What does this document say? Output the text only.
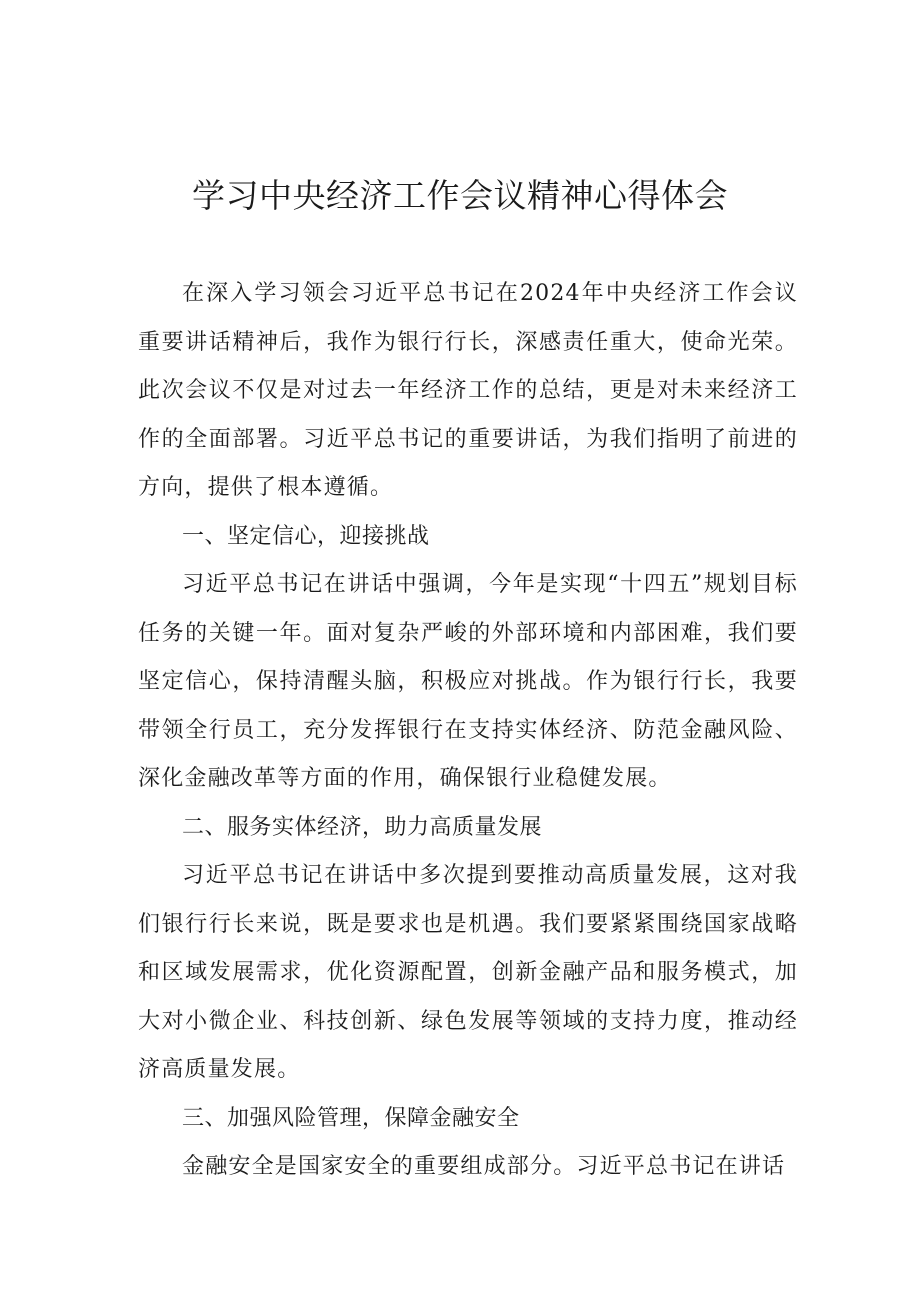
学习中央经济工作会议精神心得体会

在深入学习领会习近平总书记在2024年中央经济工作会议重要讲话精神后，我作为银行行长，深感责任重大，使命光荣。此次会议不仅是对过去一年经济工作的总结，更是对未来经济工作的全面部署。习近平总书记的重要讲话，为我们指明了前进的方向，提供了根本遵循。

一、坚定信心，迎接挑战

习近平总书记在讲话中强调，今年是实现“十四五”规划目标任务的关键一年。面对复杂严峻的外部环境和内部困难，我们要坚定信心，保持清醒头脑，积极应对挑战。作为银行行长，我要带领全行员工，充分发挥银行在支持实体经济、防范金融风险、深化金融改革等方面的作用，确保银行业稳健发展。

二、服务实体经济，助力高质量发展

习近平总书记在讲话中多次提到要推动高质量发展，这对我们银行行长来说，既是要求也是机遇。我们要紧紧围绕国家战略和区域发展需求，优化资源配置，创新金融产品和服务模式，加大对小微企业、科技创新、绿色发展等领域的支持力度，推动经济高质量发展。

三、加强风险管理，保障金融安全

金融安全是国家安全的重要组成部分。习近平总书记在讲话
